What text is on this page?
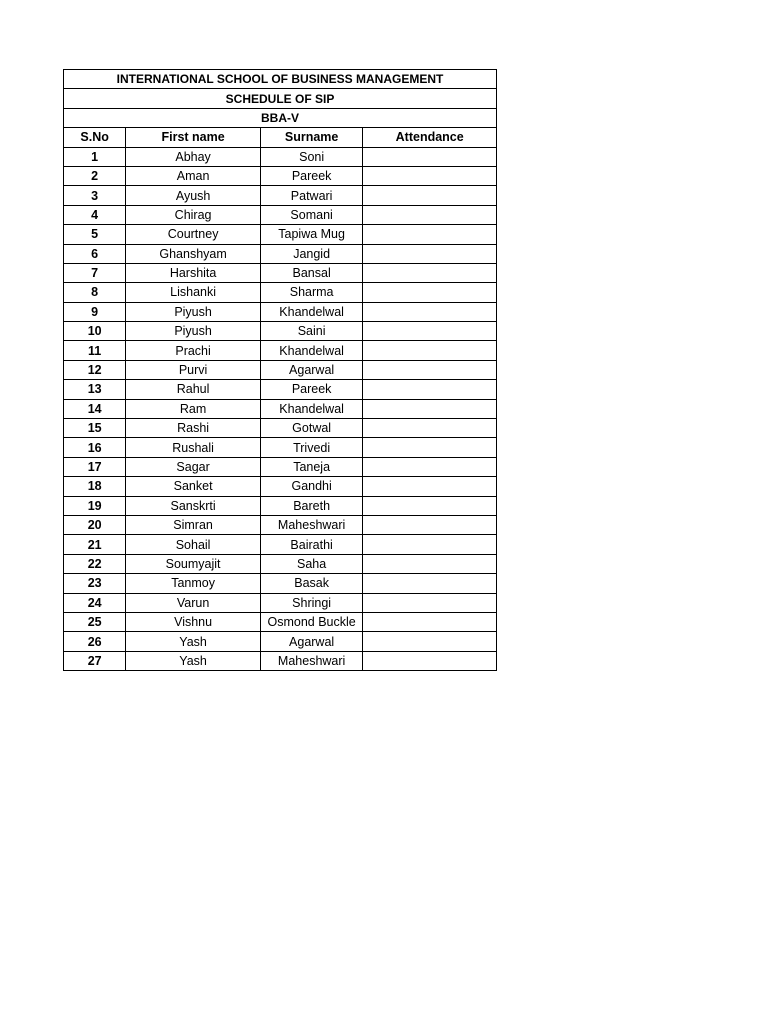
INTERNATIONAL SCHOOL OF BUSINESS MANAGEMENT			
SCHEDULE OF SIP			
BBA-V			
S.No	First name	Surname	Attendance
1	Abhay	Soni	
2	Aman	Pareek	
3	Ayush	Patwari	
4	Chirag	Somani	
5	Courtney	Tapiwa Mug	
6	Ghanshyam	Jangid	
7	Harshita	Bansal	
8	Lishanki	Sharma	
9	Piyush	Khandelwal	
10	Piyush	Saini	
11	Prachi	Khandelwal	
12	Purvi	Agarwal	
13	Rahul	Pareek	
14	Ram	Khandelwal	
15	Rashi	Gotwal	
16	Rushali	Trivedi	
17	Sagar	Taneja	
18	Sanket	Gandhi	
19	Sanskrti	Bareth	
20	Simran	Maheshwari	
21	Sohail	Bairathi	
22	Soumyajit	Saha	
23	Tanmoy	Basak	
24	Varun	Shringi	
25	Vishnu	Osmond Buckle	
26	Yash	Agarwal	
27	Yash	Maheshwari	
